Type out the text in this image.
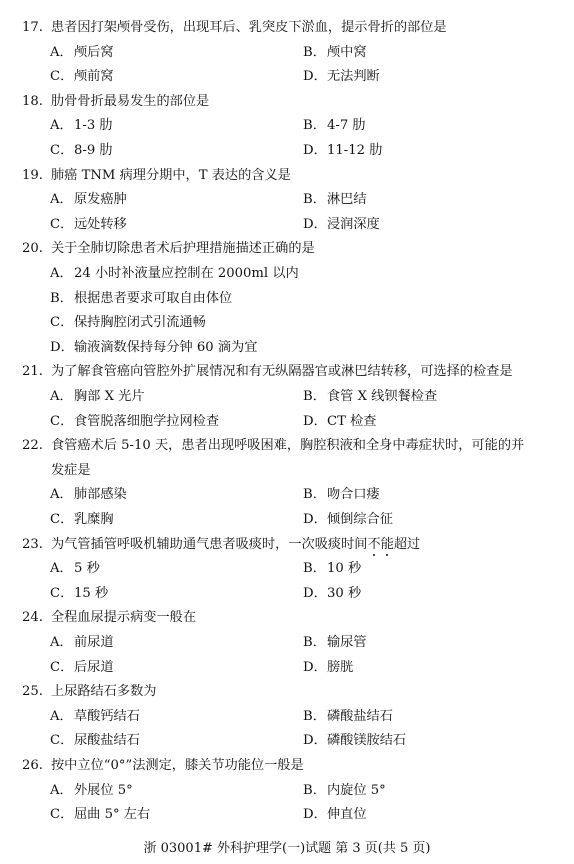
17. 患者因打架颅骨受伤，出现耳后、乳突皮下淤血，提示骨折的部位是
A．颅后窝	B．颅中窝
C．颅前窝	D．无法判断
18. 肋骨骨折最易发生的部位是
A．1-3 肋	B．4-7 肋
C．8-9 肋	D．11-12 肋
19. 肺癌 TNM 病理分期中，T 表达的含义是
A．原发癌肿	B．淋巴结
C．远处转移	D．浸润深度
20. 关于全肺切除患者术后护理措施描述正确的是
A．24 小时补液量应控制在 2000ml 以内
B．根据患者要求可取自由体位
C．保持胸腔闭式引流通畅
D．输液滴数保持每分钟 60 滴为宜
21. 为了解食管癌向管腔外扩展情况和有无纵隔器官或淋巴结转移，可选择的检查是
A．胸部 X 光片	B．食管 X 线钡餐检查
C．食管脱落细胞学拉网检查	D．CT 检查
22. 食管癌术后 5-10 天，患者出现呼吸困难，胸腔积液和全身中毒症状时，可能的并
发症是
A．肺部感染	B．吻合口瘘
C．乳糜胸	D．倾倒综合征
23. 为气管插管呼吸机辅助通气患者吸痰时，一次吸痰时间不能超过
A．5 秒	B．10 秒
C．15 秒	D．30 秒
24. 全程血尿提示病变一般在
A．前尿道	B．输尿管
C．后尿道	D．膀胱
25. 上尿路结石多数为
A．草酸钙结石	B．磷酸盐结石
C．尿酸盐结石	D．磷酸镁胺结石
26. 按中立位“0°”法测定，膝关节功能位一般是
A．外展位 5°	B．内旋位 5°
C．屈曲 5° 左右	D．伸直位
浙 03001# 外科护理学(一)试题 第 3 页(共 5 页)
